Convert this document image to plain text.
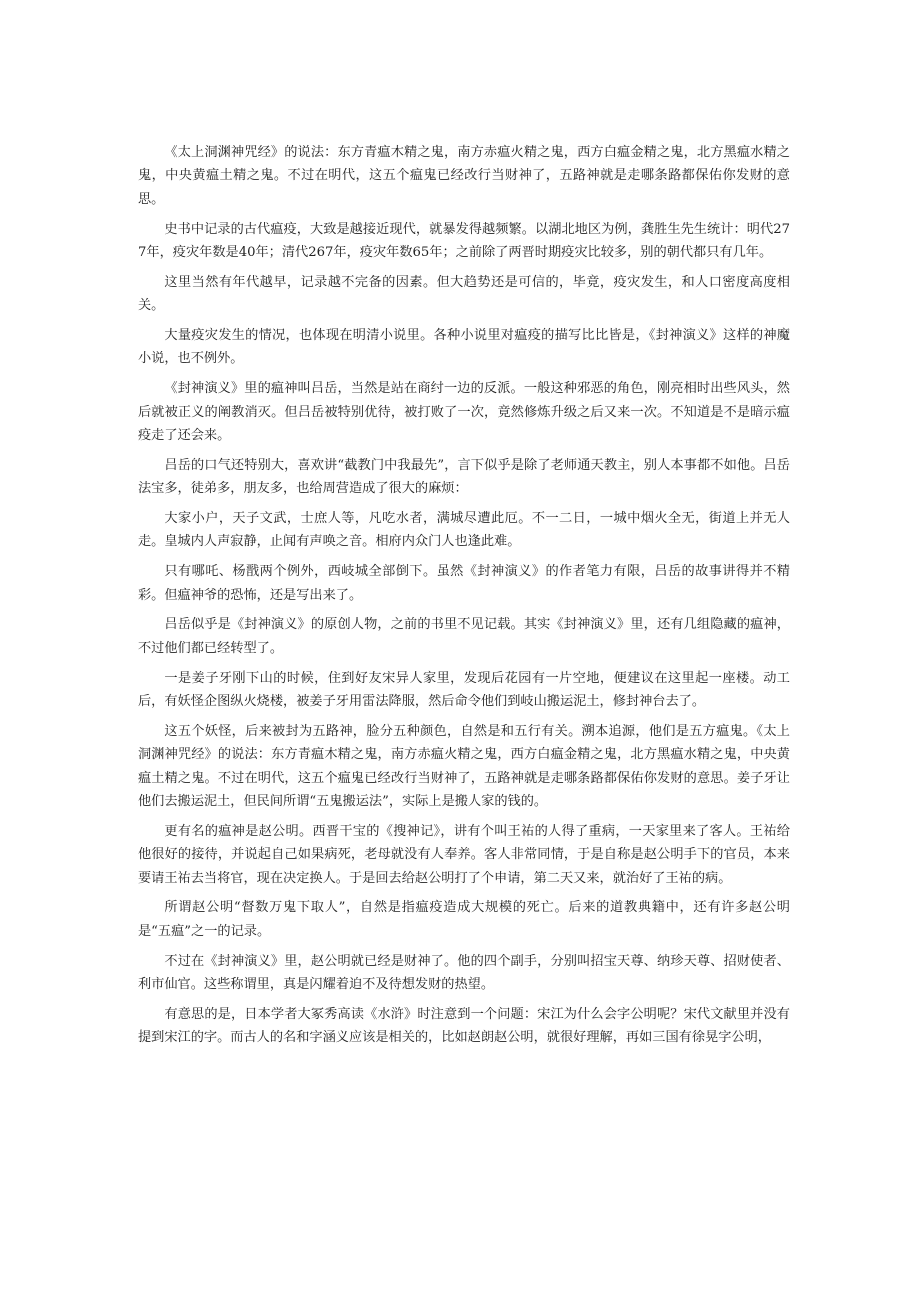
《太上洞渊神咒经》的说法：东方青瘟木精之鬼，南方赤瘟火精之鬼，西方白瘟金精之鬼，北方黑瘟水精之鬼，中央黄瘟土精之鬼。不过在明代，这五个瘟鬼已经改行当财神了，五路神就是走哪条路都保佑你发财的意思。

史书中记录的古代瘟疫，大致是越接近现代，就暴发得越频繁。以湖北地区为例，龚胜生先生统计：明代277年，疫灾年数是40年；清代267年，疫灾年数65年；之前除了两晋时期疫灾比较多，别的朝代都只有几年。

这里当然有年代越早，记录越不完备的因素。但大趋势还是可信的，毕竟，疫灾发生，和人口密度高度相关。

大量疫灾发生的情况，也体现在明清小说里。各种小说里对瘟疫的描写比比皆是，《封神演义》这样的神魔小说，也不例外。

《封神演义》里的瘟神叫吕岳，当然是站在商纣一边的反派。一般这种邪恶的角色，刚亮相时出些风头，然后就被正义的阐教消灭。但吕岳被特别优待，被打败了一次，竟然修炼升级之后又来一次。不知道是不是暗示瘟疫走了还会来。

吕岳的口气还特别大，喜欢讲“截教门中我最先”，言下似乎是除了老师通天教主，别人本事都不如他。吕岳法宝多，徒弟多，朋友多，也给周营造成了很大的麻烦：

大家小户，天子文武，士庶人等，凡吃水者，满城尽遭此厄。不一二日，一城中烟火全无，街道上并无人走。皇城内人声寂静，止闻有声唤之音。相府内众门人也逢此难。

只有哪吒、杨戬两个例外，西岐城全部倒下。虽然《封神演义》的作者笔力有限，吕岳的故事讲得并不精彩。但瘟神爷的恐怖，还是写出来了。

吕岳似乎是《封神演义》的原创人物，之前的书里不见记载。其实《封神演义》里，还有几组隐藏的瘟神，不过他们都已经转型了。

一是姜子牙刚下山的时候，住到好友宋异人家里，发现后花园有一片空地，便建议在这里起一座楼。动工后，有妖怪企图纵火烧楼，被姜子牙用雷法降服，然后命令他们到岐山搬运泥土，修封神台去了。

这五个妖怪，后来被封为五路神，脸分五种颜色，自然是和五行有关。溯本追源，他们是五方瘟鬼。《太上洞渊神咒经》的说法：东方青瘟木精之鬼，南方赤瘟火精之鬼，西方白瘟金精之鬼，北方黑瘟水精之鬼，中央黄瘟土精之鬼。不过在明代，这五个瘟鬼已经改行当财神了，五路神就是走哪条路都保佑你发财的意思。姜子牙让他们去搬运泥土，但民间所谓“五鬼搬运法”，实际上是搬人家的钱的。

更有名的瘟神是赵公明。西晋干宝的《搜神记》，讲有个叫王祐的人得了重病，一天家里来了客人。王祐给他很好的接待，并说起自己如果病死，老母就没有人奉养。客人非常同情，于是自称是赵公明手下的官员，本来要请王祐去当将官，现在决定换人。于是回去给赵公明打了个申请，第二天又来，就治好了王祐的病。

所谓赵公明“督数万鬼下取人”，自然是指瘟疫造成大规模的死亡。后来的道教典籍中，还有许多赵公明是“五瘟”之一的记录。

不过在《封神演义》里，赵公明就已经是财神了。他的四个副手，分别叫招宝天尊、纳珍天尊、招财使者、利市仙官。这些称谓里，真是闪耀着迫不及待想发财的热望。

有意思的是，日本学者大冢秀高读《水浒》时注意到一个问题：宋江为什么会字公明呢？宋代文献里并没有提到宋江的字。而古人的名和字涵义应该是相关的，比如赵朗赵公明，就很好理解，再如三国有徐晃字公明，
